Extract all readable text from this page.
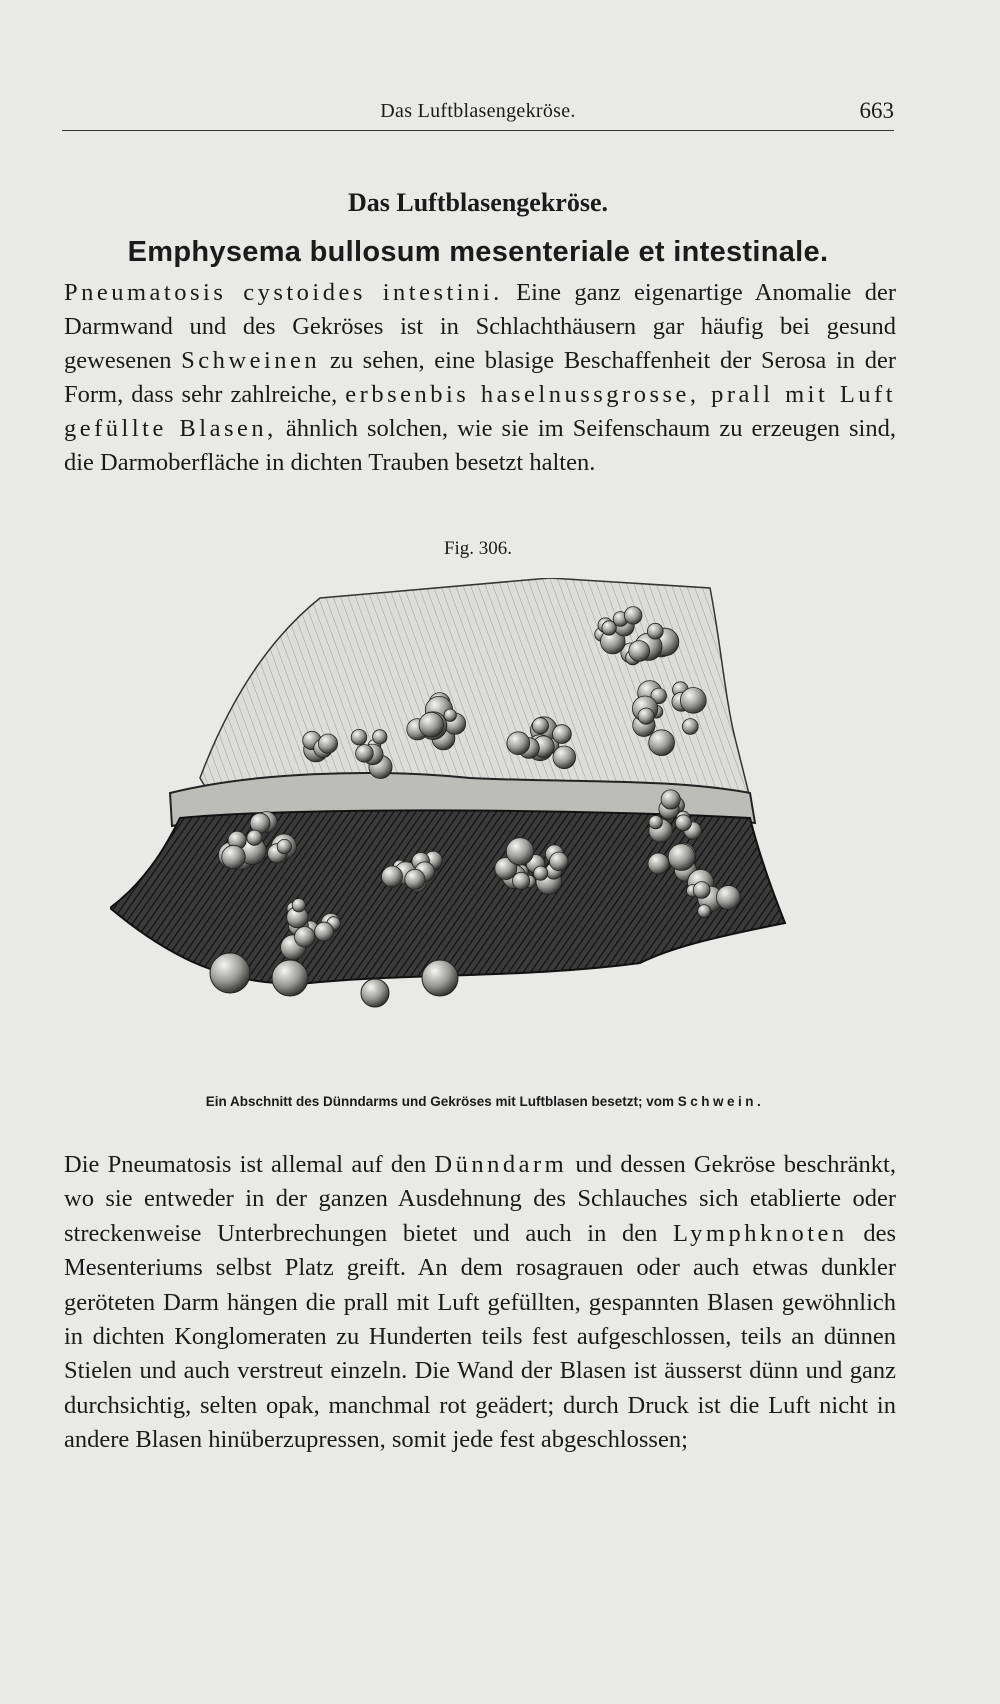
Das Luftblasengekröse.	663
Das Luftblasengekröse.
Emphysema bullosum mesenteriale et intestinale.
Pneumatosis cystoides intestini. Eine ganz eigenartige Anomalie der Darmwand und des Gekröses ist in Schlachthäusern gar häufig bei gesund gewesenen Schweinen zu sehen, eine blasige Beschaffenheit der Serosa in der Form, dass sehr zahlreiche, erbsenbis haselnussgrosse, prall mit Luft gefüllte Blasen, ähnlich solchen, wie sie im Seifenschaum zu erzeugen sind, die Darmoberfläche in dichten Trauben besetzt halten.
Fig. 306.
Ein Abschnitt des Dünndarms und Gekröses mit Luftblasen besetzt; vom Schwein.
Die Pneumatosis ist allemal auf den Dünndarm und dessen Gekröse beschränkt, wo sie entweder in der ganzen Ausdehnung des Schlauches sich etablierte oder streckenweise Unterbrechungen bietet und auch in den Lymphknoten des Mesenteriums selbst Platz greift. An dem rosagrauen oder auch etwas dunkler geröteten Darm hängen die prall mit Luft gefüllten, gespannten Blasen gewöhnlich in dichten Konglomeraten zu Hunderten teils fest aufgeschlossen, teils an dünnen Stielen und auch verstreut einzeln. Die Wand der Blasen ist äusserst dünn und ganz durchsichtig, selten opak, manchmal rot geädert; durch Druck ist die Luft nicht in andere Blasen hinüberzupressen, somit jede fest abgeschlossen;
